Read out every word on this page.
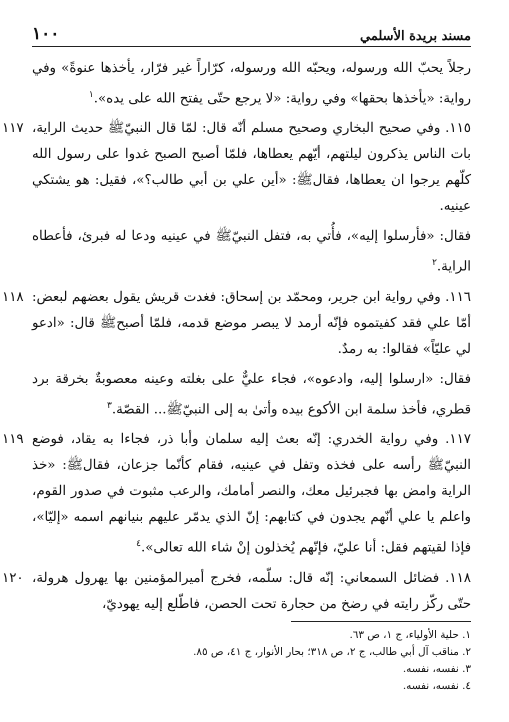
مسند بريدة الأسلمي
١٠٠

رجلاً يحبّ الله ورسوله، ويحبّه الله ورسوله، كرّاراً غير فرّار، يأخذها عنوةً» وفي رواية: «يأخذها بحقها» وفي رواية: «لا يرجع حتّى يفتح الله على يده».$^١$

١١٧ ١١٥. وفي صحيح البخاري وصحيح مسلم أنّه قال: لمّا قال النبيّﷺ حديث الراية، بات الناس يذكرون ليلتهم، أيّهم يعطاها، فلمّا أصبح الصبح غدوا على رسول الله كلّهم يرجوا ان يعطاها، فقالﷺ: «أين علي بن أبي طالب؟»، فقيل: هو يشتكي عينيه.

فقال: «فأرسلوا إليه»، فأُتي به، فتفل النبيّﷺ في عينيه ودعا له فبرئ، فأعطاه الراية.$^٢$

١١٨ ١١٦. وفي رواية ابن جرير، ومحمّد بن إسحاق: فغدت قريش يقول بعضهم لبعض: أمّا علي فقد كفيتموه فإنّه أرمد لا يبصر موضع قدمه، فلمّا أصبحﷺ قال: «ادعو لي عليّاً» فقالوا: به رمدٌ.

فقال: «ارسلوا إليه، وادعوه»، فجاء عليٌّ على بغلته وعينه معصوبةٌ بخرقة برد قطري، فأخذ سلمة ابن الأكوع بيده وأتىٰ به إلى النبيّﷺ... القصّة.$^٣$

١١٩ ١١٧. وفي رواية الخدري: إنّه بعث إليه سلمان وأبا ذر، فجاءا به يقاد، فوضع النبيّﷺ رأسه على فخذه وتفل في عينيه، فقام كأنّما جزعان، فقالﷺ: «خذ الراية وامض بها فجبرئيل معك، والنصر أمامك، والرعب مثبوت في صدور القوم، واعلم يا علي أنّهم يجدون في كتابهم: إنّ الذي يدمّر عليهم بنيانهم اسمه «إليّا»، فإذا لقيتهم فقل: أنا عليّ، فإنّهم يُخذلون إنْ شاء الله تعالى».$^٤$

١٢٠ ١١٨. فضائل السمعاني: إنّه قال: سلّمه، فخرج أميرالمؤمنين بها يهرول هرولة، حتّى ركّز رايته في رضخ من حجارة تحت الحصن، فاطّلع إليه يهوديّ،

١. حلية الأولياء، ج ١، ص ٦٣.
٢. مناقب آل أبي طالب، ج ٢، ص ٣١٨؛ بحار الأنوار، ج ٤١، ص ٨٥.
٣. نفسه، نفسه.
٤. نفسه، نفسه.
